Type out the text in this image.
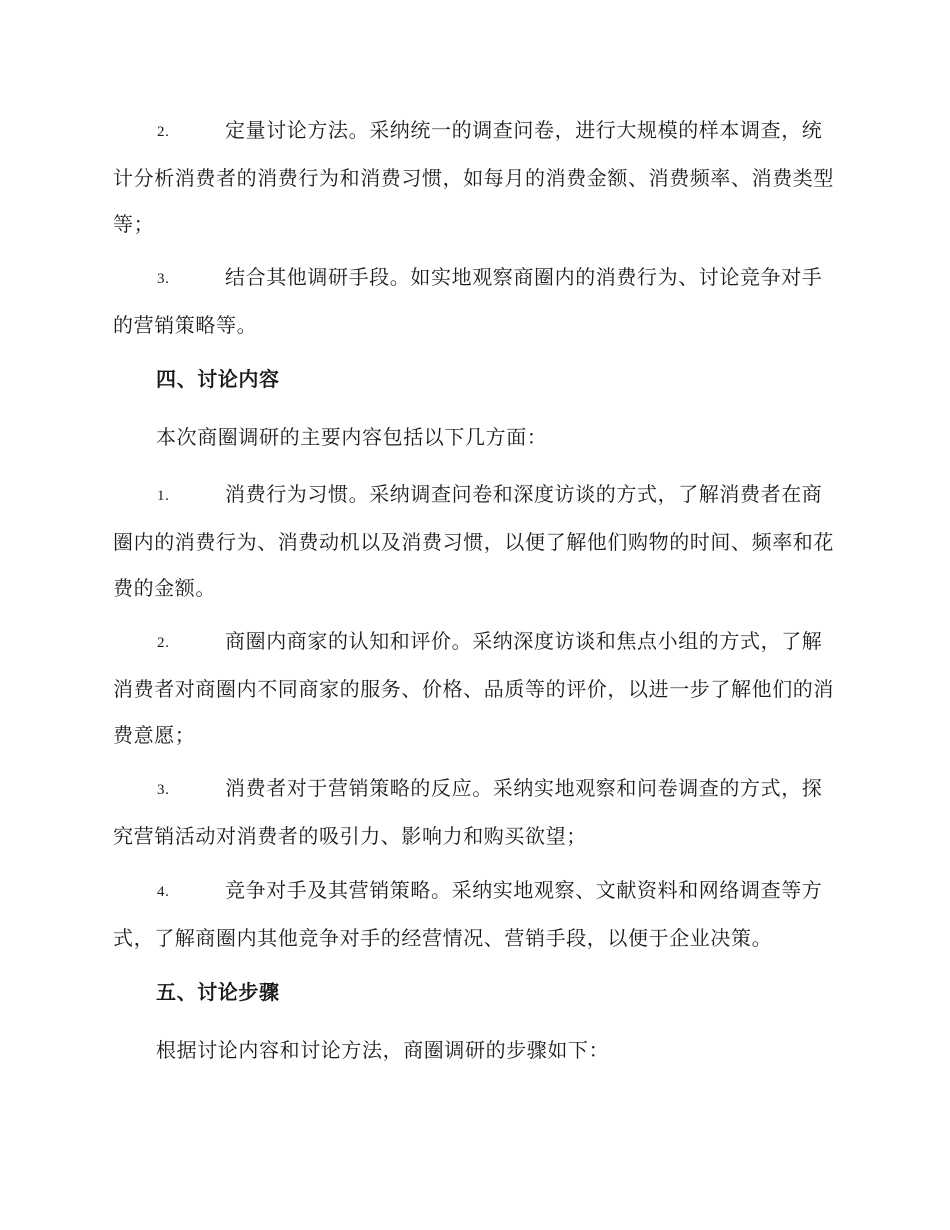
2.	定量讨论方法。采纳统一的调查问卷，进行大规模的样本调查，统计分析消费者的消费行为和消费习惯，如每月的消费金额、消费频率、消费类型等；

3.	结合其他调研手段。如实地观察商圈内的消费行为、讨论竞争对手的营销策略等。

四、讨论内容

本次商圈调研的主要内容包括以下几方面：

1.	消费行为习惯。采纳调查问卷和深度访谈的方式，了解消费者在商圈内的消费行为、消费动机以及消费习惯，以便了解他们购物的时间、频率和花费的金额。

2.	商圈内商家的认知和评价。采纳深度访谈和焦点小组的方式，了解消费者对商圈内不同商家的服务、价格、品质等的评价，以进一步了解他们的消费意愿；

3.	消费者对于营销策略的反应。采纳实地观察和问卷调查的方式，探究营销活动对消费者的吸引力、影响力和购买欲望；

4.	竞争对手及其营销策略。采纳实地观察、文献资料和网络调查等方式，了解商圈内其他竞争对手的经营情况、营销手段，以便于企业决策。

五、讨论步骤

根据讨论内容和讨论方法，商圈调研的步骤如下：
